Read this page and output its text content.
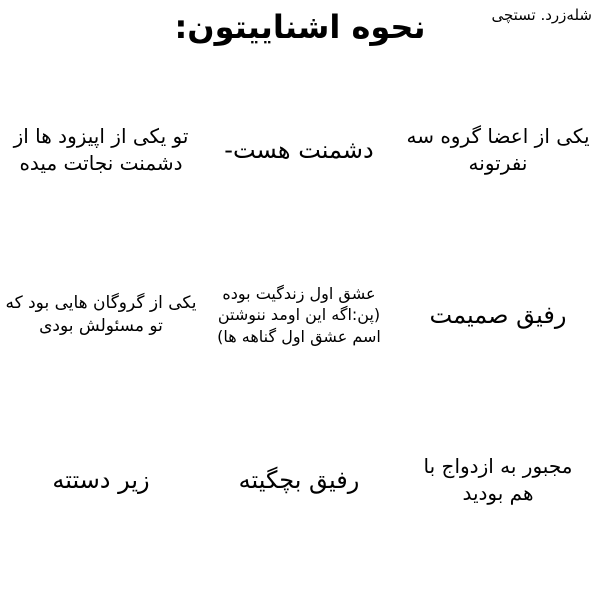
شله‌زرد. تستچی
نحوه اشناییتون:
یکی از اعضا گروه سه نفرتونه
دشمنت هست-
تو یکی از اپیزود ها از دشمنت نجاتت میده
رفیق صمیمت
عشق اول زندگیت بوده (پن:اگه این اومد ننوشتن اسم عشق اول گناهه ها)
یکی از گروگان هایی بود که تو مسئولش بودی
مجبور به ازدواج با هم بودید
رفیق بچگیته
زیر دستته
